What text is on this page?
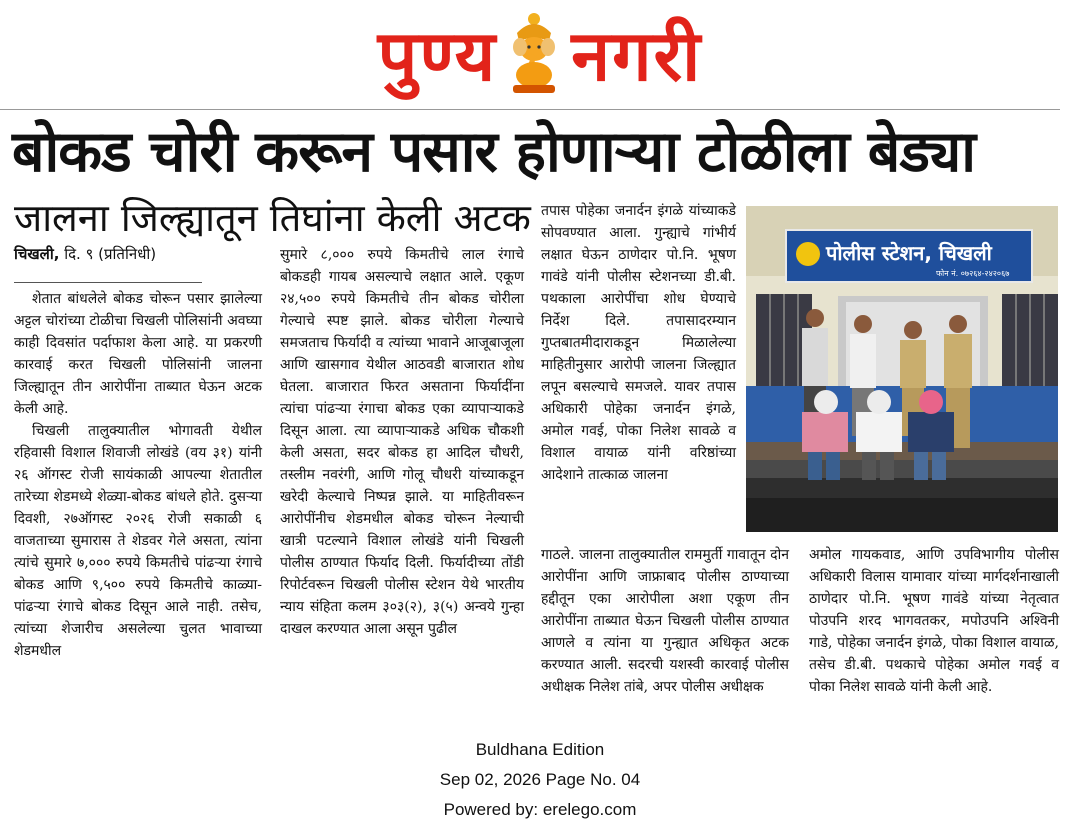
पुण्य नगरी
बोकड चोरी करून पसार होणाऱ्या टोळीला बेड्या
जालना जिल्ह्यातून तिघांना केली अटक
चिखली, दि. ९ (प्रतिनिधी)

शेतात बांधलेले बोकड चोरून पसार झालेल्या अट्टल चोरांच्या टोळीचा चिखली पोलिसांनी अवघ्या काही दिवसांत पर्दाफाश केला आहे. या प्रकरणी कारवाई करत चिखली पोलिसांनी जालना जिल्ह्यातून तीन आरोपींना ताब्यात घेऊन अटक केली आहे.

चिखली तालुक्यातील भोगावती येथील रहिवासी विशाल शिवाजी लोखंडे (वय ३१) यांनी २६ ऑगस्ट रोजी सायंकाळी आपल्या शेतातील तारेच्या शेडमध्ये शेळ्या-बोकड बांधले होते. दुसऱ्या दिवशी, २७ऑगस्ट २०२६ रोजी सकाळी ६ वाजताच्या सुमारास ते शेडवर गेले असता, त्यांना त्यांचे सुमारे ७,००० रुपये किमतीचे पांढऱ्या रंगाचे बोकड आणि ९,५०० रुपये किमतीचे काळ्या-पांढऱ्या रंगाचे बोकड दिसून आले नाही. तसेच, त्यांच्या शेजारीच असलेल्या चुलत भावाच्या शेडमधील

सुमारे ८,००० रुपये किमतीचे लाल रंगाचे बोकडही गायब असल्याचे लक्षात आले. एकूण २४,५०० रुपये किमतीचे तीन बोकड चोरीला गेल्याचे स्पष्ट झाले. बोकड चोरीला गेल्याचे समजताच फिर्यादी व त्यांच्या भावाने आजूबाजूला आणि खासगाव येथील आठवडी बाजारात शोध घेतला. बाजारात फिरत असताना फिर्यादींना त्यांचा पांढऱ्या रंगाचा बोकड एका व्यापाऱ्याकडे दिसून आला. त्या व्यापाऱ्याकडे अधिक चौकशी केली असता, सदर बोकड हा आदिल चौधरी, तस्लीम नवरंगी, आणि गोलू चौधरी यांच्याकडून खरेदी केल्याचे निष्पन्न झाले. या माहितीवरून आरोपींनीच शेडमधील बोकड चोरून नेल्याची खात्री पटल्याने विशाल लोखंडे यांनी चिखली पोलीस ठाण्यात फिर्याद दिली. फिर्यादीच्या तोंडी रिपोर्टवरून चिखली पोलीस स्टेशन येथे भारतीय न्याय संहिता कलम ३०३(२), ३(५) अन्वये गुन्हा दाखल करण्यात आला असून पुढील

तपास पोहेका जनार्दन इंगळे यांच्याकडे सोपवण्यात आला. गुन्ह्याचे गांभीर्य लक्षात घेऊन ठाणेदार पो.नि. भूषण गावंडे यांनी पोलीस स्टेशनच्या डी.बी. पथकाला आरोपींचा शोध घेण्याचे निर्देश दिले. तपासादरम्यान गुप्तबातमीदाराकडून मिळालेल्या माहितीनुसार आरोपी जालना जिल्ह्यात लपून बसल्याचे समजले. यावर तपास अधिकारी पोहेका जनार्दन इंगळे, अमोल गवई, पोका निलेश सावळे व विशाल वायाळ यांनी वरिष्ठांच्या आदेशाने तात्काळ जालना

पोलीस स्टेशन, चिखली
फोन नं. ०७२६४-२४२०६७

गाठले. जालना तालुक्यातील राममुर्ती गावातून दोन आरोपींना आणि जाफ्राबाद पोलीस ठाण्याच्या हद्दीतून एका आरोपीला अशा एकूण तीन आरोपींना ताब्यात घेऊन चिखली पोलीस ठाण्यात आणले व त्यांना या गुन्ह्यात अधिकृत अटक करण्यात आली. सदरची यशस्वी कारवाई पोलीस अधीक्षक निलेश तांबे, अपर पोलीस अधीक्षक

अमोल गायकवाड, आणि उपविभागीय पोलीस अधिकारी विलास यामावार यांच्या मार्गदर्शनाखाली ठाणेदार पो.नि. भूषण गावंडे यांच्या नेतृत्वात पोउपनि शरद भागवतकर, मपोउपनि अश्विनी गाडे, पोहेका जनार्दन इंगळे, पोका विशाल वायाळ, तसेच डी.बी. पथकाचे पोहेका अमोल गवई व पोका निलेश सावळे यांनी केली आहे.

Buldhana Edition
Sep 02, 2026 Page No. 04
Powered by: erelego.com
